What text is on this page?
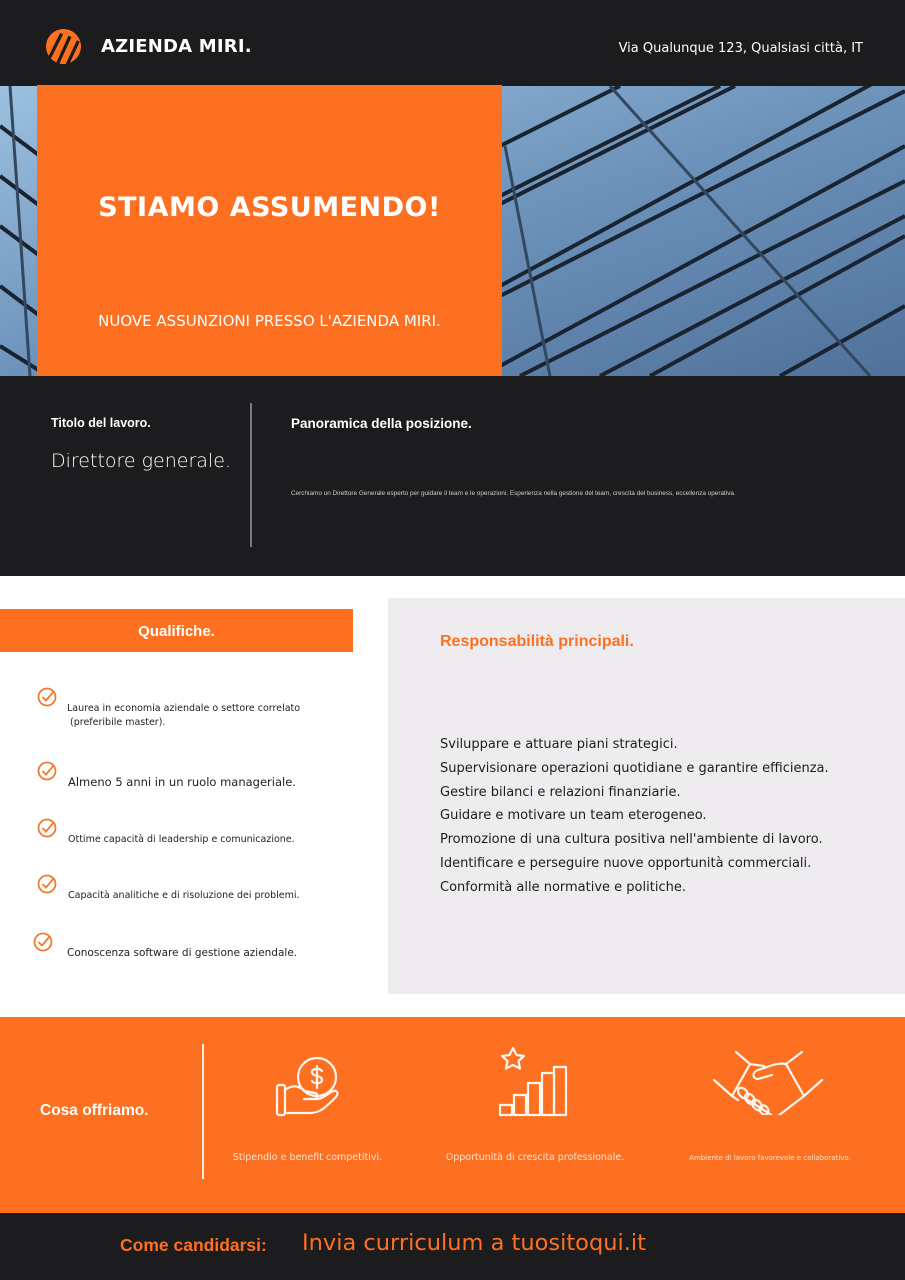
AZIENDA MIRI.	Via Qualunque 123, Qualsiasi città, IT
STIAMO ASSUMENDO!
NUOVE ASSUNZIONI PRESSO L'AZIENDA MIRI.
Titolo del lavoro.
Direttore generale.
Panoramica della posizione.
Cerchiamo un Direttore Generale esperto per guidare il team e le operazioni. Esperienza nella gestione del team, crescita del business, eccellenza operativa.
Qualifiche.
Laurea in economia aziendale o settore correlato
(preferibile master).
Almeno 5 anni in un ruolo manageriale.
Ottime capacità di leadership e comunicazione.
Capacità analitiche e di risoluzione dei problemi.
Conoscenza software di gestione aziendale.
Responsabilità principali.
Sviluppare e attuare piani strategici.
Supervisionare operazioni quotidiane e garantire efficienza.
Gestire bilanci e relazioni finanziarie.
Guidare e motivare un team eterogeneo.
Promozione di una cultura positiva nell'ambiente di lavoro.
Identificare e perseguire nuove opportunità commerciali.
Conformità alle normative e politiche.
Cosa offriamo.
Stipendio e benefit competitivi.	Opportunità di crescita professionale.	Ambiente di lavoro favorevole e collaborativo.
Come candidarsi: Invia curriculum a tuositoqui.it
